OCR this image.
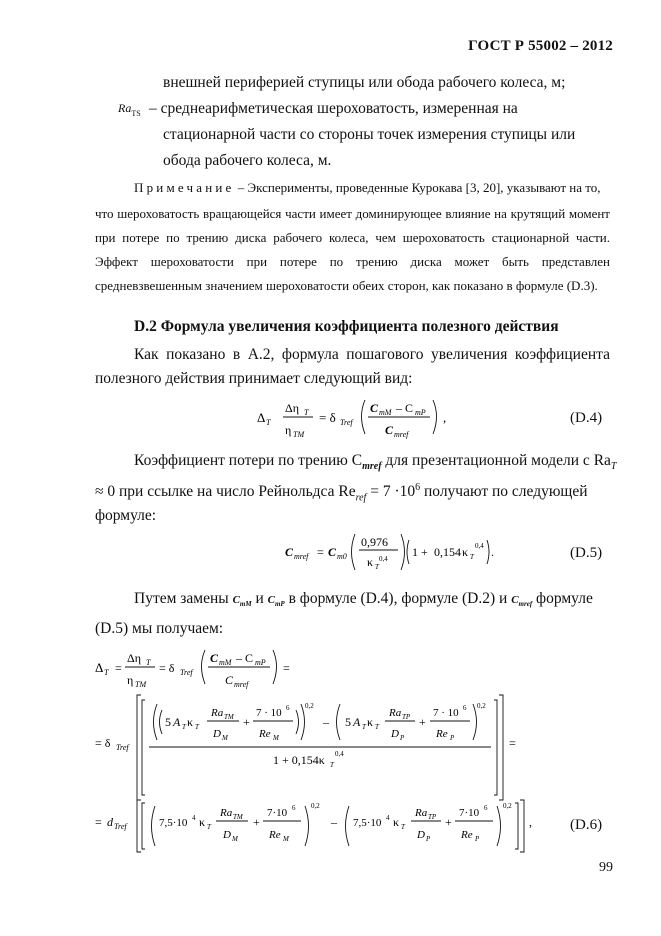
ГОСТ Р 55002 – 2012
внешней периферией ступицы или обода рабочего колеса, м;
$Ra_{TS}$ – среднеарифметическая шероховатость, измеренная на
стационарной части со стороны точек измерения ступицы или
обода рабочего колеса, м.
Примечание – Эксперименты, проведенные Курокава [3, 20], указывают на то,
что шероховатость вращающейся части имеет доминирующее влияние на крутящий момент
при потере по трению диска рабочего колеса, чем шероховатость стационарной части.
Эффект шероховатости при потере по трению диска может быть представлен
средневзвешенным значением шероховатости обеих сторон, как показано в формуле (D.3).
D.2 Формула увеличения коэффициента полезного действия
Как показано в А.2, формула пошагового увеличения коэффициента
полезного действия принимает следующий вид:
Δ T
Δη T
η TM
= δ Tref
C mM – C mP
C mref
,	(D.4)
Коэффициент потери по трению $C_{mref}$ для презентационной модели с $Ra_T$
≈ 0 при ссылке на число Рейнольдса $Re_{ref} = 7 \cdot 10^6$ получают по следующей
формуле:
C mref = C m0
0,976
κ T
0,4 1 + 0,154 κ T
0,4 .	(D.5)
Путем замены $C_{mM}$ и $C_{mP}$ в формуле (D.4), формуле (D.2) и $C_{mref}$ формуле
(D.5) мы получаем:
Δ T =
Δη T
η TM
= δ Tref
C mM – C mP
C mref
=
= δ Tref
5 A T κ T
Ra TM
D M
+
7 · 10 6
Re M
0,2
– 5 A T κ T
Ra TP
D P
+
7 · 10 6
Re P
0,2
1 + 0,154κ T
0,4
=
= d Tref	7,5·10 4 κ T
Ra TM
D M
+
7·10 6
Re M
0,2
– 7,5·10 4 κ T
Ra TP
D P
+
7·10 6
Re P
0,2
,	(D.6)
99
